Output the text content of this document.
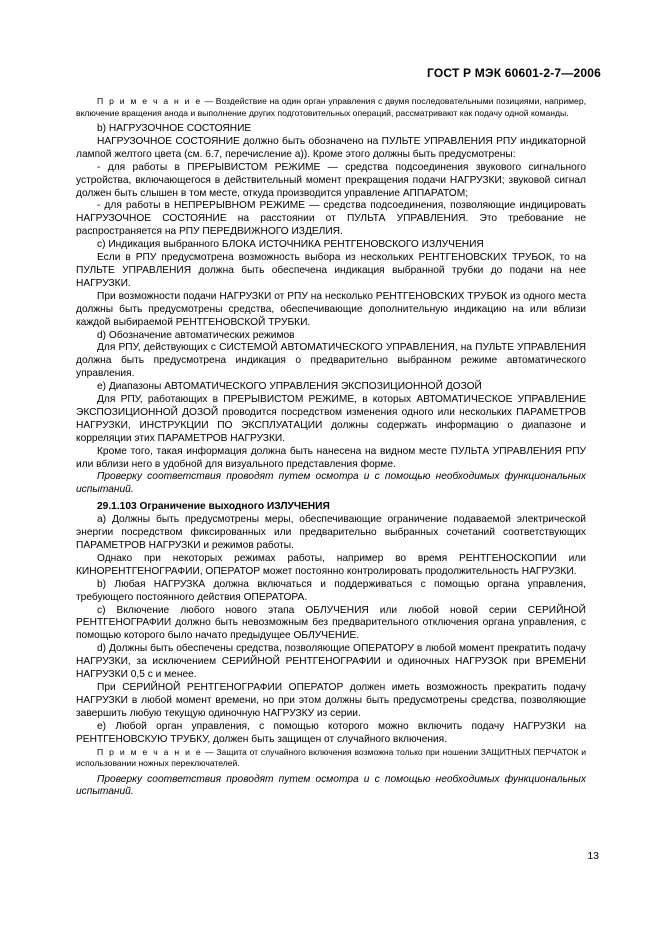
ГОСТ Р МЭК 60601-2-7—2006

П р и м е ч а н и е — Воздействие на один орган управления с двумя последовательными позициями, например, включение вращения анода и выполнение других подготовительных операций, рассматривают как подачу одной команды.

b) НАГРУЗОЧНОЕ СОСТОЯНИЕ

НАГРУЗОЧНОЕ СОСТОЯНИЕ должно быть обозначено на ПУЛЬТЕ УПРАВЛЕНИЯ РПУ индикаторной лампой желтого цвета (см. 6.7, перечисление а)). Кроме этого должны быть предусмотрены:

- для работы в ПРЕРЫВИСТОМ РЕЖИМЕ — средства подсоединения звукового сигнального устройства, включающегося в действительный момент прекращения подачи НАГРУЗКИ; звуковой сигнал должен быть слышен в том месте, откуда производится управление АППАРАТОМ;

- для работы в НЕПРЕРЫВНОМ РЕЖИМЕ — средства подсоединения, позволяющие индицировать НАГРУЗОЧНОЕ СОСТОЯНИЕ на расстоянии от ПУЛЬТА УПРАВЛЕНИЯ. Это требование не распространяется на РПУ ПЕРЕДВИЖНОГО ИЗДЕЛИЯ.

c) Индикация выбранного БЛОКА ИСТОЧНИКА РЕНТГЕНОВСКОГО ИЗЛУЧЕНИЯ

Если в РПУ предусмотрена возможность выбора из нескольких РЕНТГЕНОВСКИХ ТРУБОК, то на ПУЛЬТЕ УПРАВЛЕНИЯ должна быть обеспечена индикация выбранной трубки до подачи на нее НАГРУЗКИ.

При возможности подачи НАГРУЗКИ от РПУ на несколько РЕНТГЕНОВСКИХ ТРУБОК из одного места должны быть предусмотрены средства, обеспечивающие дополнительную индикацию на или вблизи каждой выбираемой РЕНТГЕНОВСКОЙ ТРУБКИ.

d) Обозначение автоматических режимов

Для РПУ, действующих с СИСТЕМОЙ АВТОМАТИЧЕСКОГО УПРАВЛЕНИЯ, на ПУЛЬТЕ УПРАВЛЕНИЯ должна быть предусмотрена индикация о предварительно выбранном режиме автоматического управления.

e) Диапазоны АВТОМАТИЧЕСКОГО УПРАВЛЕНИЯ ЭКСПОЗИЦИОННОЙ ДОЗОЙ

Для РПУ, работающих в ПРЕРЫВИСТОМ РЕЖИМЕ, в которых АВТОМАТИЧЕСКОЕ УПРАВЛЕНИЕ ЭКСПОЗИЦИОННОЙ ДОЗОЙ проводится посредством изменения одного или нескольких ПАРАМЕТРОВ НАГРУЗКИ, ИНСТРУКЦИИ ПО ЭКСПЛУАТАЦИИ должны содержать информацию о диапазоне и корреляции этих ПАРАМЕТРОВ НАГРУЗКИ.

Кроме того, такая информация должна быть нанесена на видном месте ПУЛЬТА УПРАВЛЕНИЯ РПУ или вблизи него в удобной для визуального представления форме.

Проверку соответствия проводят путем осмотра и с помощью необходимых функциональных испытаний.

29.1.103 Ограничение выходного ИЗЛУЧЕНИЯ

a) Должны быть предусмотрены меры, обеспечивающие ограничение подаваемой электрической энергии посредством фиксированных или предварительно выбранных сочетаний соответствующих ПАРАМЕТРОВ НАГРУЗКИ и режимов работы.

Однако при некоторых режимах работы, например во время РЕНТГЕНОСКОПИИ или КИНОРЕНТГЕНОГРАФИИ, ОПЕРАТОР может постоянно контролировать продолжительность НАГРУЗКИ.

b) Любая НАГРУЗКА должна включаться и поддерживаться с помощью органа управления, требующего постоянного действия ОПЕРАТОРА.

c) Включение любого нового этапа ОБЛУЧЕНИЯ или любой новой серии СЕРИЙНОЙ РЕНТГЕНОГРАФИИ должно быть невозможным без предварительного отключения органа управления, с помощью которого было начато предыдущее ОБЛУЧЕНИЕ.

d) Должны быть обеспечены средства, позволяющие ОПЕРАТОРУ в любой момент прекратить подачу НАГРУЗКИ, за исключением СЕРИЙНОЙ РЕНТГЕНОГРАФИИ и одиночных НАГРУЗОК при ВРЕМЕНИ НАГРУЗКИ 0,5 с и менее.

При СЕРИЙНОЙ РЕНТГЕНОГРАФИИ ОПЕРАТОР должен иметь возможность прекратить подачу НАГРУЗКИ в любой момент времени, но при этом должны быть предусмотрены средства, позволяющие завершить любую текущую одиночную НАГРУЗКУ из серии.

e) Любой орган управления, с помощью которого можно включить подачу НАГРУЗКИ на РЕНТГЕНОВСКУЮ ТРУБКУ, должен быть защищен от случайного включения.

П р и м е ч а н и е — Защита от случайного включения возможна только при ношении ЗАЩИТНЫХ ПЕРЧАТОК и использовании ножных переключателей.

Проверку соответствия проводят путем осмотра и с помощью необходимых функциональных испытаний.

13
